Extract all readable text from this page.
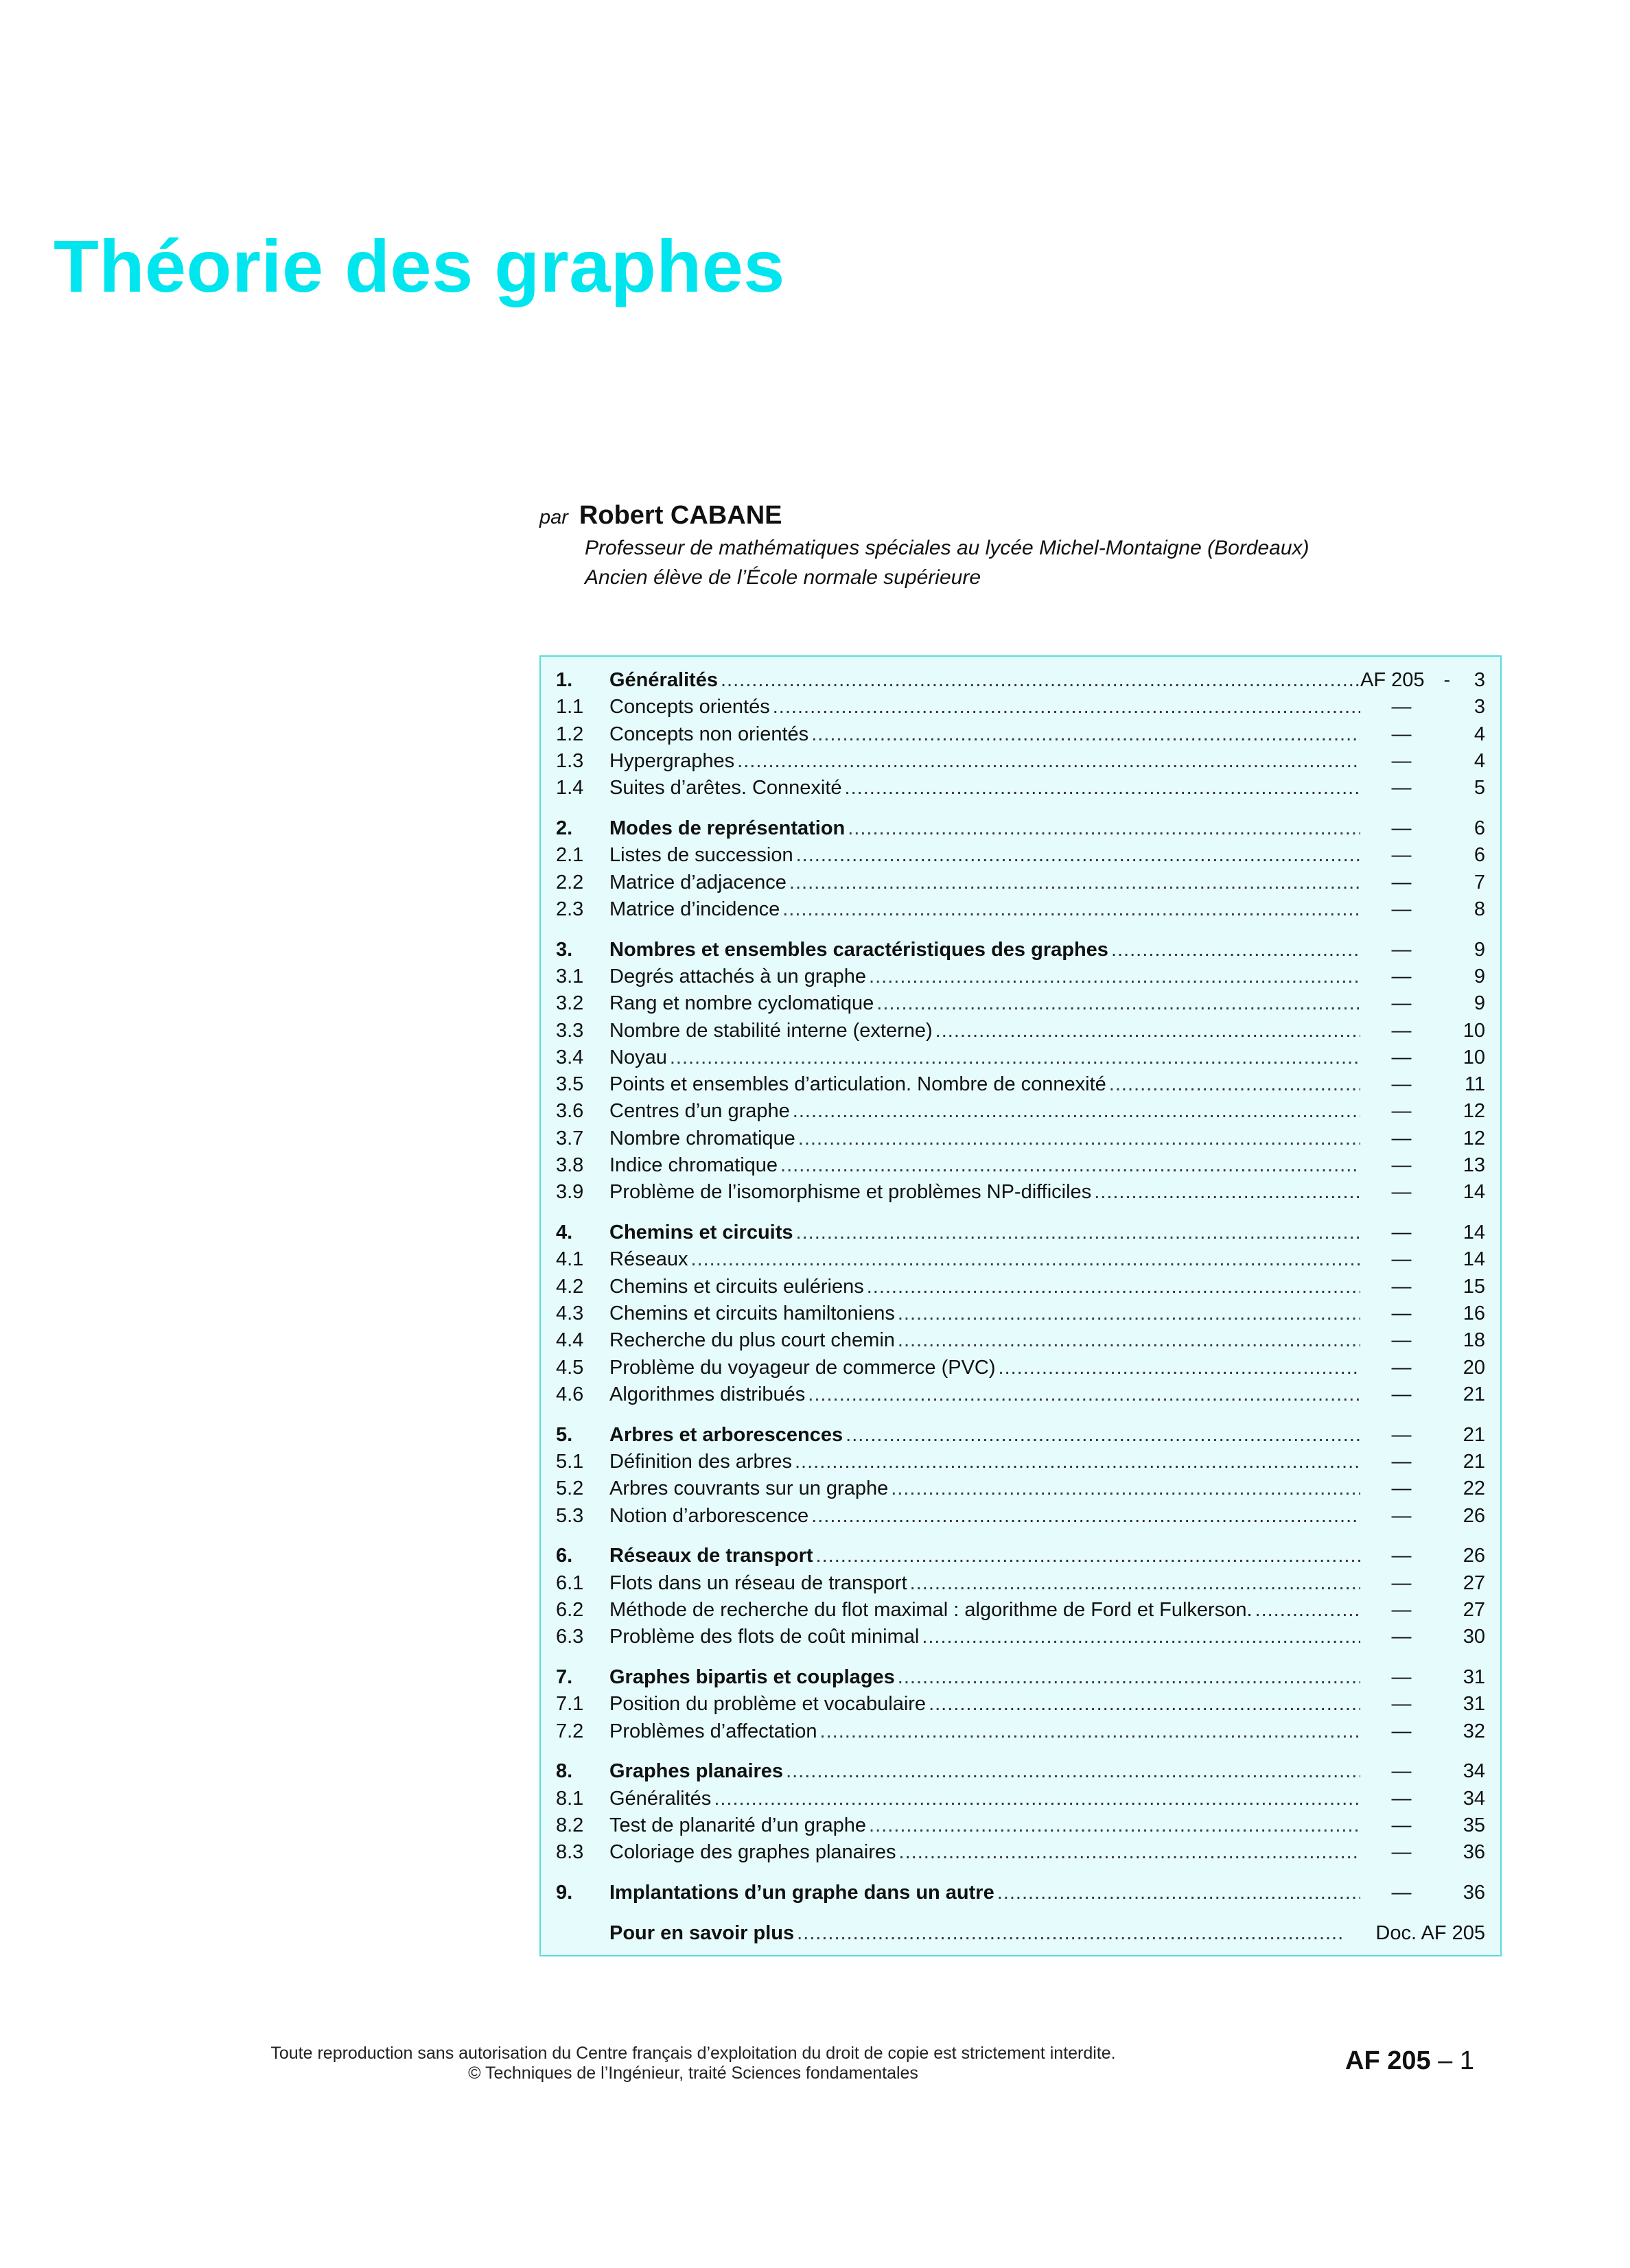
Théorie des graphes
par Robert CABANE
Professeur de mathématiques spéciales au lycée Michel-Montaigne (Bordeaux)
Ancien élève de l’École normale supérieure
1.	Généralités .....	AF 205 -	3
1.1	Concepts orientés .....	—	3
1.2	Concepts non orientés .....	—	4
1.3	Hypergraphes .....	—	4
1.4	Suites d’arêtes. Connexité .....	—	5
2.	Modes de représentation .....	—	6
2.1	Listes de succession .....	—	6
2.2	Matrice d’adjacence .....	—	7
2.3	Matrice d’incidence .....	—	8
3.	Nombres et ensembles caractéristiques des graphes .....	—	9
3.1	Degrés attachés à un graphe .....	—	9
3.2	Rang et nombre cyclomatique .....	—	9
3.3	Nombre de stabilité interne (externe) .....	—	10
3.4	Noyau .....	—	10
3.5	Points et ensembles d’articulation. Nombre de connexité .....	—	11
3.6	Centres d’un graphe .....	—	12
3.7	Nombre chromatique .....	—	12
3.8	Indice chromatique .....	—	13
3.9	Problème de l’isomorphisme et problèmes NP-difficiles .....	—	14
4.	Chemins et circuits .....	—	14
4.1	Réseaux .....	—	14
4.2	Chemins et circuits eulériens .....	—	15
4.3	Chemins et circuits hamiltoniens .....	—	16
4.4	Recherche du plus court chemin .....	—	18
4.5	Problème du voyageur de commerce (PVC) .....	—	20
4.6	Algorithmes distribués .....	—	21
5.	Arbres et arborescences .....	—	21
5.1	Définition des arbres .....	—	21
5.2	Arbres couvrants sur un graphe .....	—	22
5.3	Notion d’arborescence .....	—	26
6.	Réseaux de transport .....	—	26
6.1	Flots dans un réseau de transport .....	—	27
6.2	Méthode de recherche du flot maximal : algorithme de Ford et Fulkerson. .....	—	27
6.3	Problème des flots de coût minimal .....	—	30
7.	Graphes bipartis et couplages .....	—	31
7.1	Position du problème et vocabulaire .....	—	31
7.2	Problèmes d’affectation .....	—	32
8.	Graphes planaires .....	—	34
8.1	Généralités .....	—	34
8.2	Test de planarité d’un graphe .....	—	35
8.3	Coloriage des graphes planaires .....	—	36
9.	Implantations d’un graphe dans un autre .....	—	36
Pour en savoir plus .....	Doc. AF 205
Toute reproduction sans autorisation du Centre français d’exploitation du droit de copie est strictement interdite.
© Techniques de l’Ingénieur, traité Sciences fondamentales	AF 205 – 1
